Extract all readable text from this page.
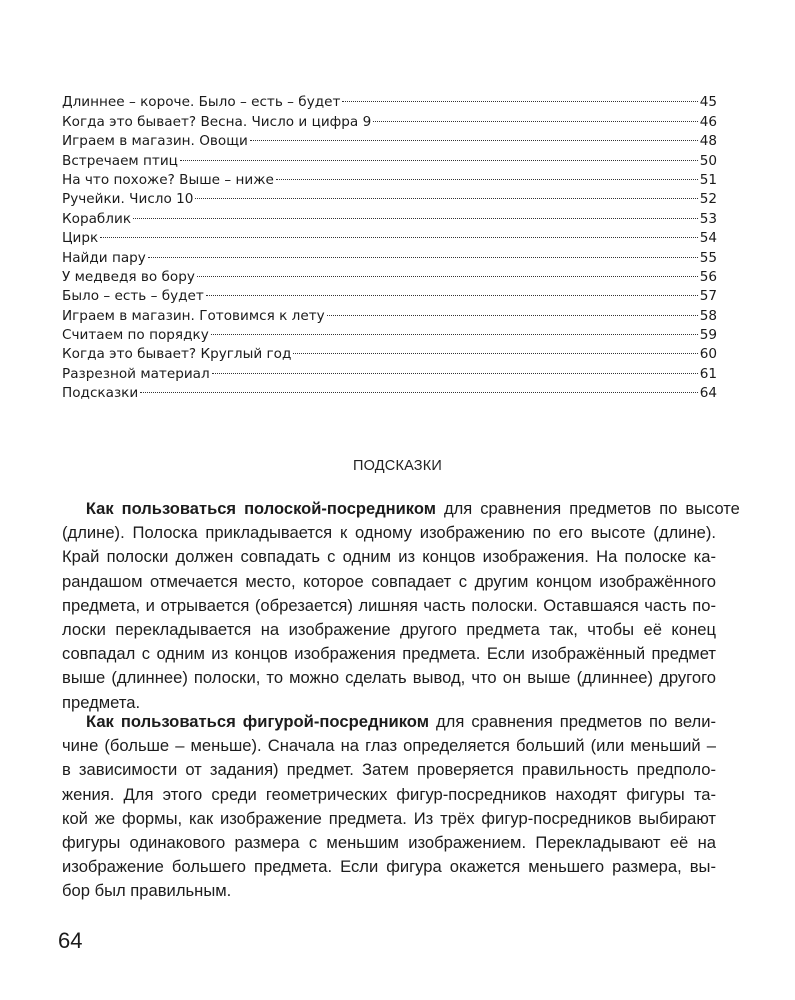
Длиннее – короче. Было – есть – будет	45
Когда это бывает? Весна. Число и цифра 9	46
Играем в магазин. Овощи	48
Встречаем птиц	50
На что похоже? Выше – ниже	51
Ручейки. Число 10	52
Кораблик	53
Цирк	54
Найди пару	55
У медведя во бору	56
Было – есть – будет	57
Играем в магазин. Готовимся к лету	58
Считаем по порядку	59
Когда это бывает? Круглый год	60
Разрезной материал	61
Подсказки	64
ПОДСКАЗКИ
Как пользоваться полоской-посредником для сравнения предметов по высоте
(длине). Полоска прикладывается к одному изображению по его высоте (длине).
Край полоски должен совпадать с одним из концов изображения. На полоске ка-
рандашом отмечается место, которое совпадает с другим концом изображённого
предмета, и отрывается (обрезается) лишняя часть полоски. Оставшаяся часть по-
лоски перекладывается на изображение другого предмета так, чтобы её конец
совпадал с одним из концов изображения предмета. Если изображённый предмет
выше (длиннее) полоски, то можно сделать вывод, что он выше (длиннее) другого
предмета.
Как пользоваться фигурой-посредником для сравнения предметов по вели-
чине (больше – меньше). Сначала на глаз определяется больший (или меньший –
в зависимости от задания) предмет. Затем проверяется правильность предполо-
жения. Для этого среди геометрических фигур-посредников находят фигуры та-
кой же формы, как изображение предмета. Из трёх фигур-посредников выбирают
фигуры одинакового размера с меньшим изображением. Перекладывают её на
изображение большего предмета. Если фигура окажется меньшего размера, вы-
бор был правильным.
64
